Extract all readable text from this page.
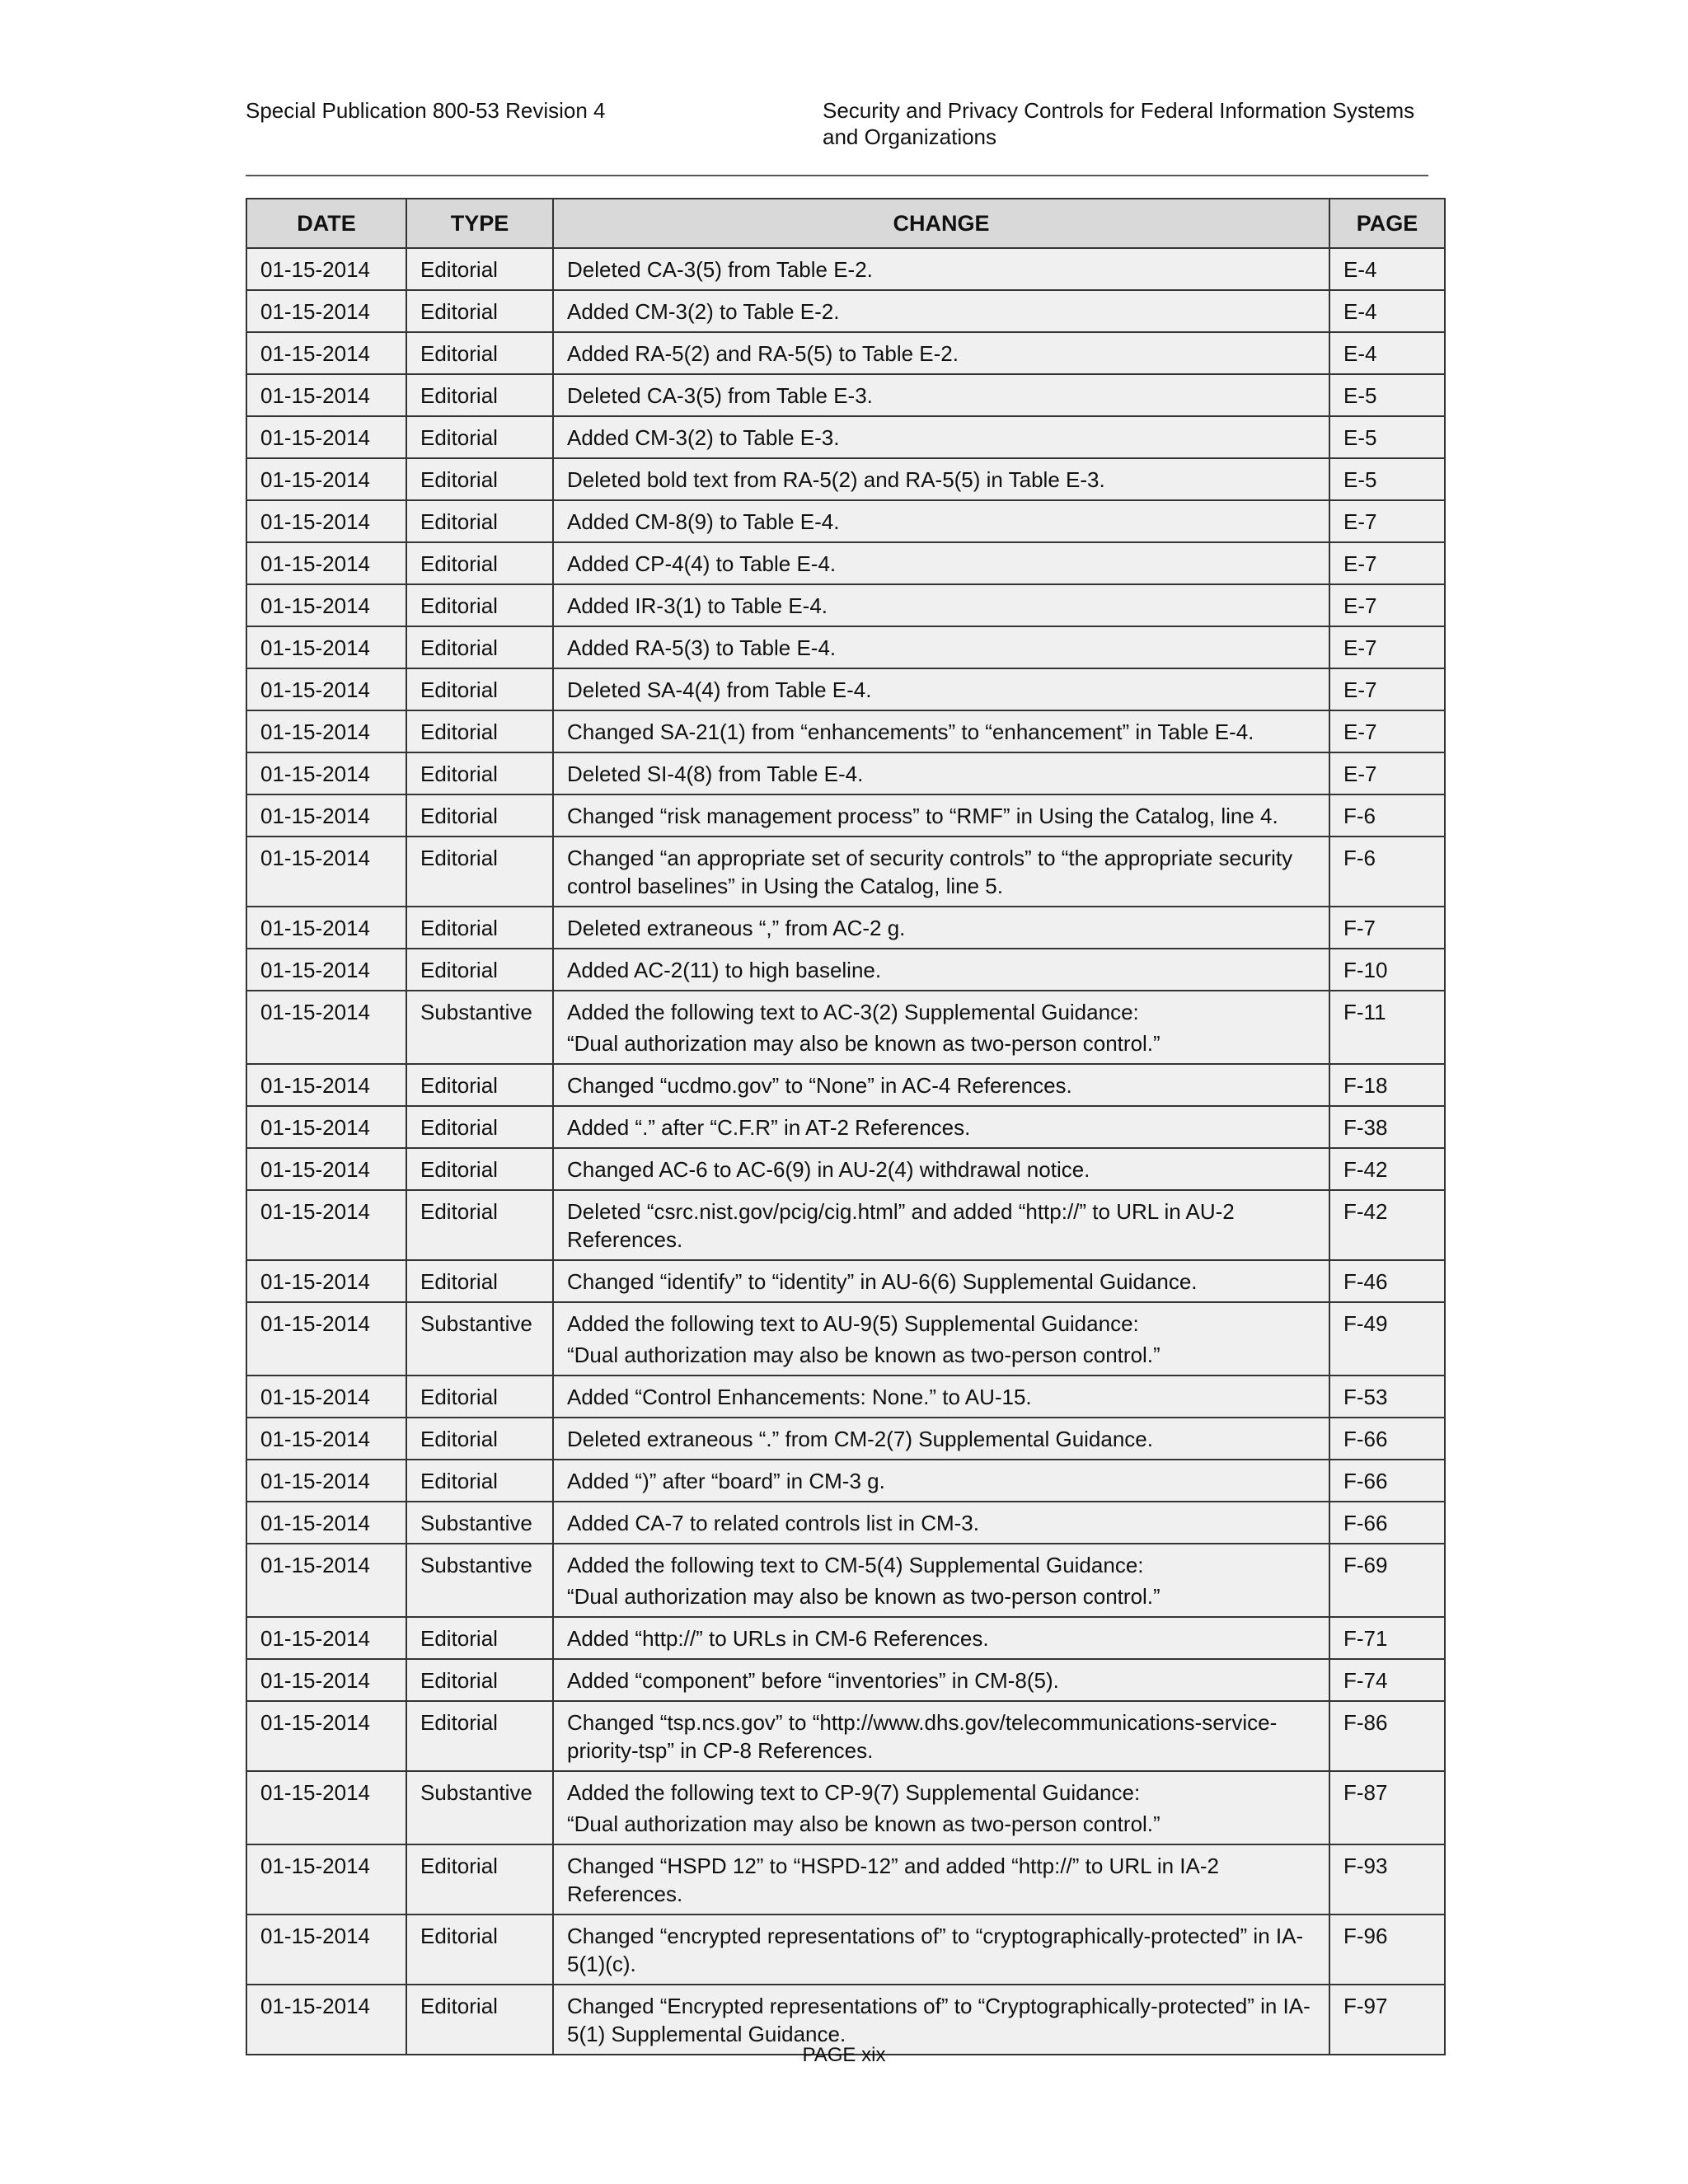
Special Publication 800-53 Revision 4	Security and Privacy Controls for Federal Information Systems
and Organizations
DATE	TYPE	CHANGE	PAGE
01-15-2014	Editorial	Deleted CA-3(5) from Table E-2.	E-4
01-15-2014	Editorial	Added CM-3(2) to Table E-2.	E-4
01-15-2014	Editorial	Added RA-5(2) and RA-5(5) to Table E-2.	E-4
01-15-2014	Editorial	Deleted CA-3(5) from Table E-3.	E-5
01-15-2014	Editorial	Added CM-3(2) to Table E-3.	E-5
01-15-2014	Editorial	Deleted bold text from RA-5(2) and RA-5(5) in Table E-3.	E-5
01-15-2014	Editorial	Added CM-8(9) to Table E-4.	E-7
01-15-2014	Editorial	Added CP-4(4) to Table E-4.	E-7
01-15-2014	Editorial	Added IR-3(1) to Table E-4.	E-7
01-15-2014	Editorial	Added RA-5(3) to Table E-4.	E-7
01-15-2014	Editorial	Deleted SA-4(4) from Table E-4.	E-7
01-15-2014	Editorial	Changed SA-21(1) from “enhancements” to “enhancement” in Table E-4.	E-7
01-15-2014	Editorial	Deleted SI-4(8) from Table E-4.	E-7
01-15-2014	Editorial	Changed “risk management process” to “RMF” in Using the Catalog, line 4.	F-6
01-15-2014	Editorial	Changed “an appropriate set of security controls” to “the appropriate security control baselines” in Using the Catalog, line 5.	F-6
01-15-2014	Editorial	Deleted extraneous “,” from AC-2 g.	F-7
01-15-2014	Editorial	Added AC-2(11) to high baseline.	F-10
01-15-2014	Substantive	Added the following text to AC-3(2) Supplemental Guidance:
“Dual authorization may also be known as two-person control.”	F-11
01-15-2014	Editorial	Changed “ucdmo.gov” to “None” in AC-4 References.	F-18
01-15-2014	Editorial	Added “.” after “C.F.R” in AT-2 References.	F-38
01-15-2014	Editorial	Changed AC-6 to AC-6(9) in AU-2(4) withdrawal notice.	F-42
01-15-2014	Editorial	Deleted “csrc.nist.gov/pcig/cig.html” and added “http://” to URL in AU-2 References.	F-42
01-15-2014	Editorial	Changed “identify” to “identity” in AU-6(6) Supplemental Guidance.	F-46
01-15-2014	Substantive	Added the following text to AU-9(5) Supplemental Guidance:
“Dual authorization may also be known as two-person control.”	F-49
01-15-2014	Editorial	Added “Control Enhancements: None.” to AU-15.	F-53
01-15-2014	Editorial	Deleted extraneous “.” from CM-2(7) Supplemental Guidance.	F-66
01-15-2014	Editorial	Added “)” after “board” in CM-3 g.	F-66
01-15-2014	Substantive	Added CA-7 to related controls list in CM-3.	F-66
01-15-2014	Substantive	Added the following text to CM-5(4) Supplemental Guidance:
“Dual authorization may also be known as two-person control.”	F-69
01-15-2014	Editorial	Added “http://” to URLs in CM-6 References.	F-71
01-15-2014	Editorial	Added “component” before “inventories” in CM-8(5).	F-74
01-15-2014	Editorial	Changed “tsp.ncs.gov” to “http://www.dhs.gov/telecommunications-service-priority-tsp” in CP-8 References.	F-86
01-15-2014	Substantive	Added the following text to CP-9(7) Supplemental Guidance:
“Dual authorization may also be known as two-person control.”	F-87
01-15-2014	Editorial	Changed “HSPD 12” to “HSPD-12” and added “http://” to URL in IA-2 References.	F-93
01-15-2014	Editorial	Changed “encrypted representations of” to “cryptographically-protected” in IA-5(1)(c).	F-96
01-15-2014	Editorial	Changed “Encrypted representations of” to “Cryptographically-protected” in IA-5(1) Supplemental Guidance.	F-97
PAGE xix
